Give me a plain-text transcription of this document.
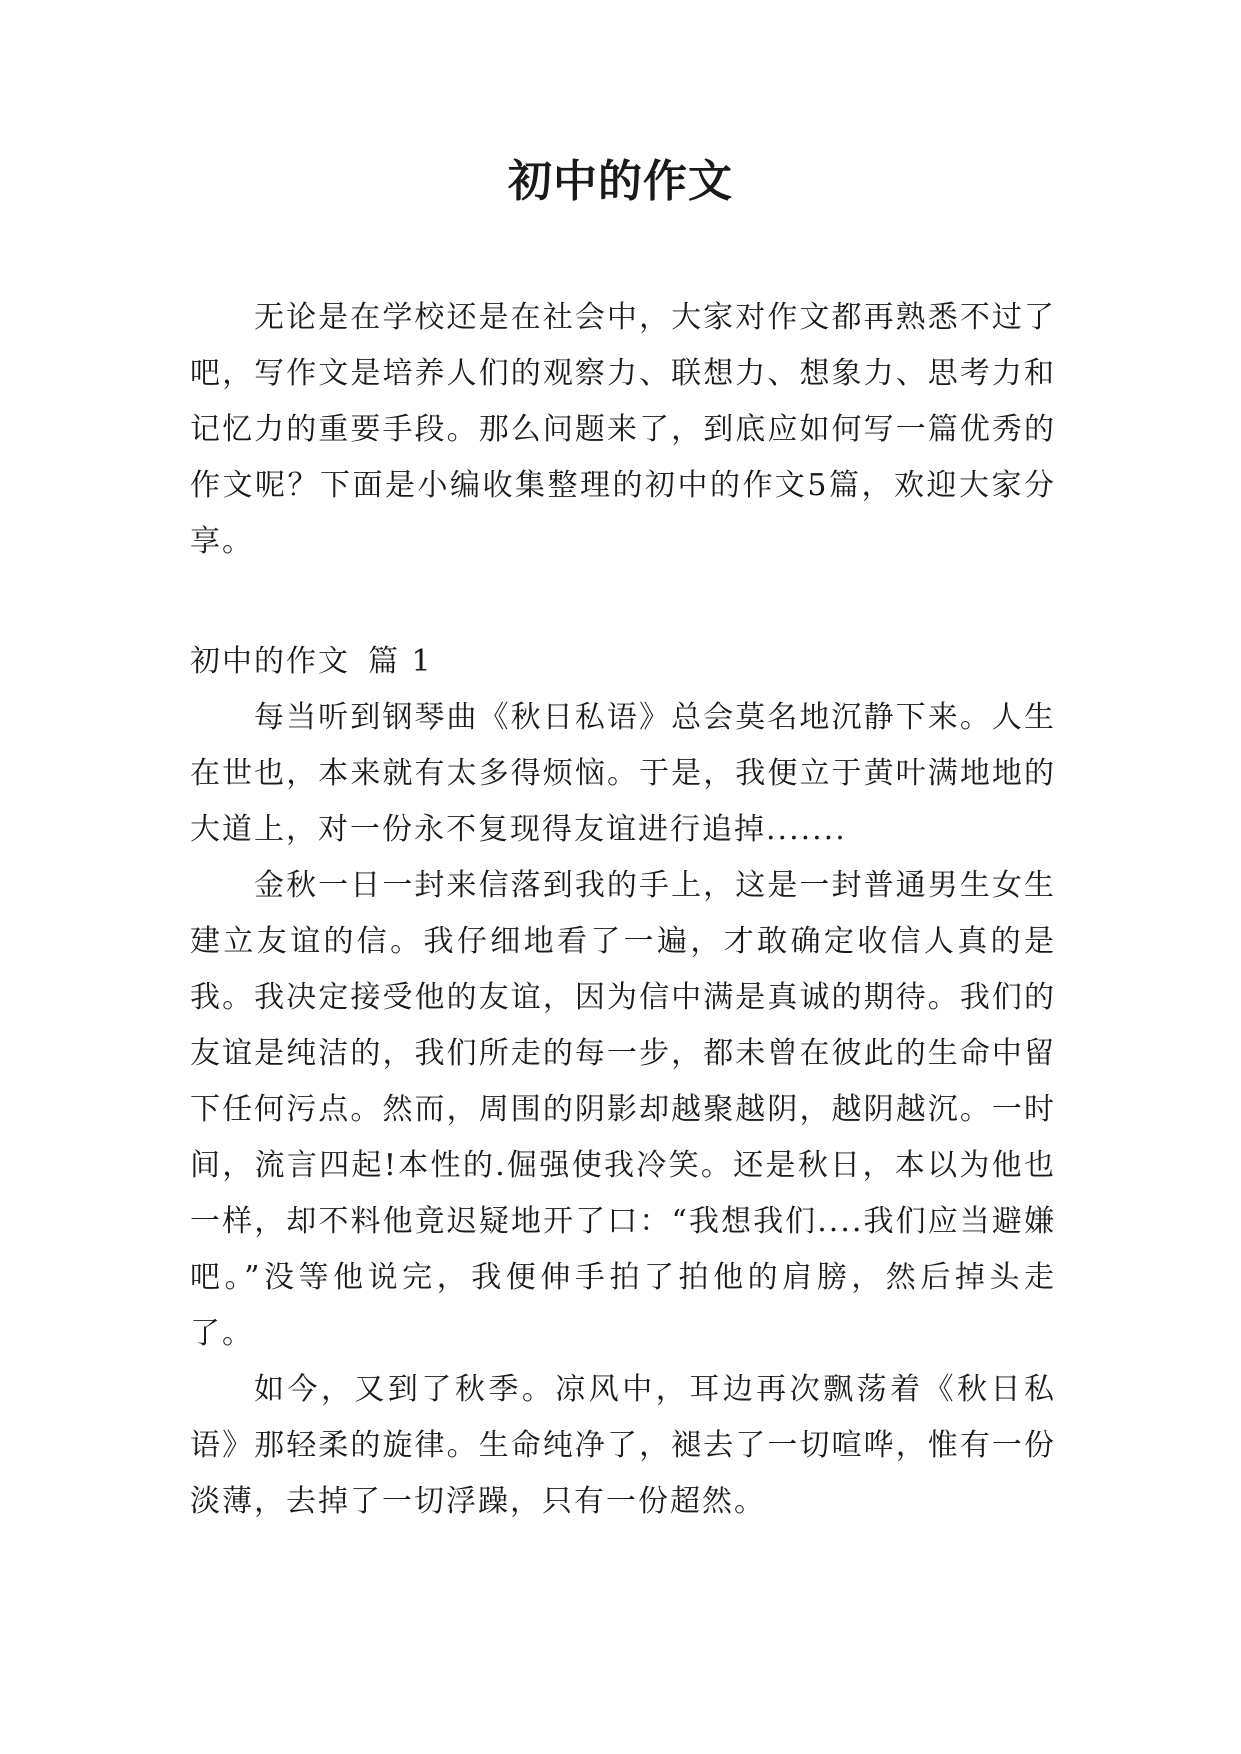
初中的作文

无论是在学校还是在社会中，大家对作文都再熟悉不过了吧，写作文是培养人们的观察力、联想力、想象力、思考力和记忆力的重要手段。那么问题来了，到底应如何写一篇优秀的作文呢？下面是小编收集整理的初中的作文5篇，欢迎大家分享。

初中的作文 篇 1

每当听到钢琴曲《秋日私语》总会莫名地沉静下来。人生在世也，本来就有太多得烦恼。于是，我便立于黄叶满地地的大道上，对一份永不复现得友谊进行追掉.......

金秋一日一封来信落到我的手上，这是一封普通男生女生建立友谊的信。我仔细地看了一遍，才敢确定收信人真的是我。我决定接受他的友谊，因为信中满是真诚的期待。我们的友谊是纯洁的，我们所走的每一步，都未曾在彼此的生命中留下任何污点。然而，周围的阴影却越聚越阴，越阴越沉。一时间，流言四起!本性的.倔强使我冷笑。还是秋日，本以为他也一样，却不料他竟迟疑地开了口：“我想我们....我们应当避嫌吧。”没等他说完，我便伸手拍了拍他的肩膀，然后掉头走了。

如今，又到了秋季。凉风中，耳边再次飘荡着《秋日私语》那轻柔的旋律。生命纯净了，褪去了一切喧哗，惟有一份淡薄，去掉了一切浮躁，只有一份超然。
